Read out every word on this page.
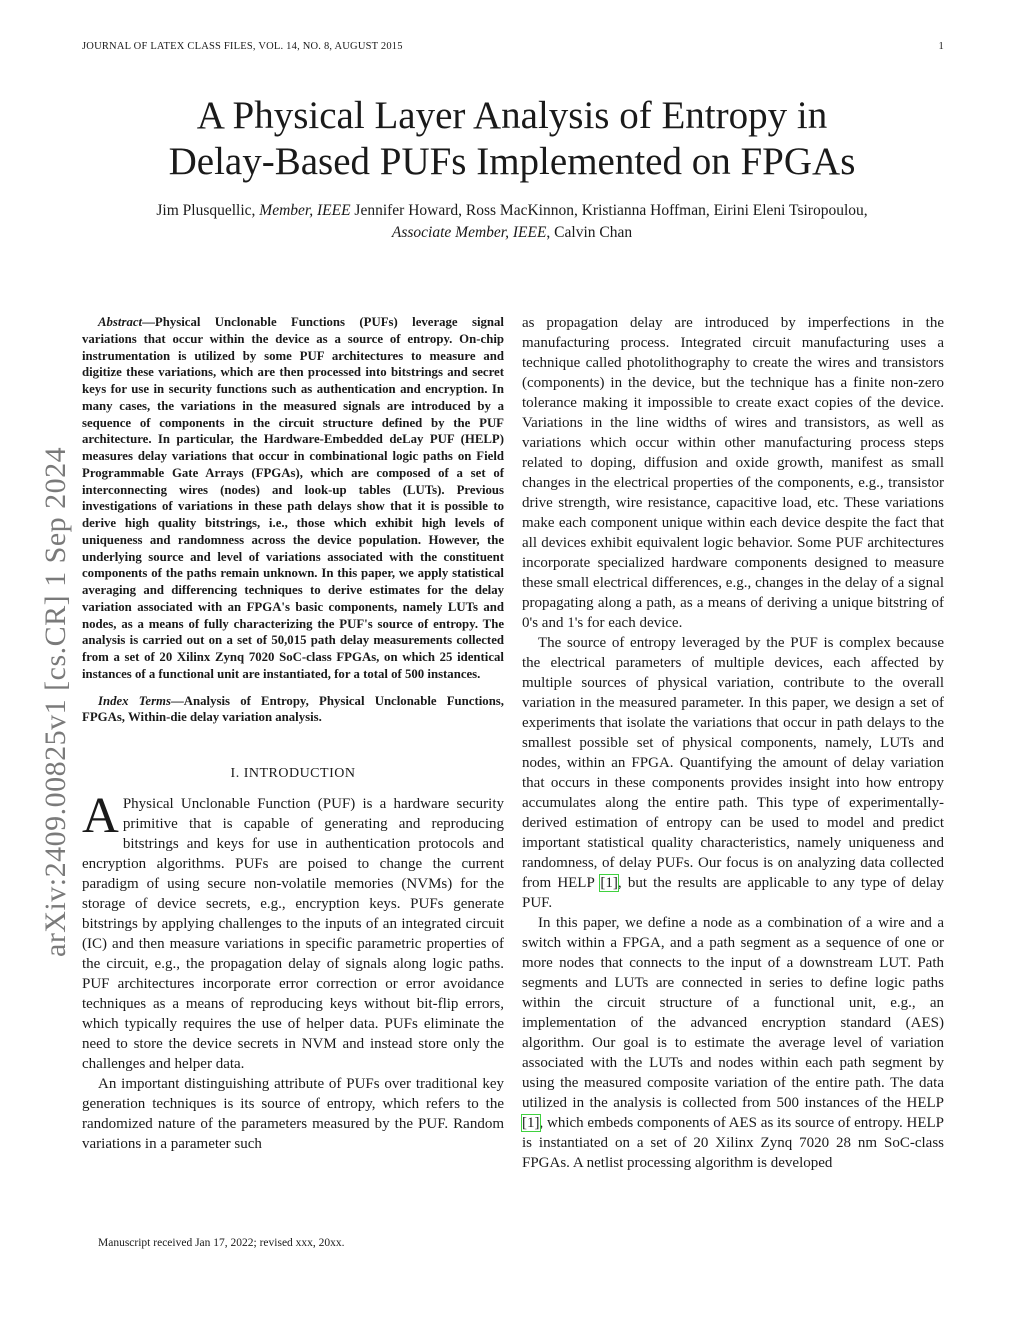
JOURNAL OF LATEX CLASS FILES, VOL. 14, NO. 8, AUGUST 2015	1
arXiv:2409.00825v1 [cs.CR] 1 Sep 2024
A Physical Layer Analysis of Entropy in
Delay-Based PUFs Implemented on FPGAs
Jim Plusquellic, Member, IEEE Jennifer Howard, Ross MacKinnon, Kristianna Hoffman, Eirini Eleni Tsiropoulou,
Associate Member, IEEE, Calvin Chan

Abstract—Physical Unclonable Functions (PUFs) leverage signal variations that occur within the device as a source of entropy. On-chip instrumentation is utilized by some PUF architectures to measure and digitize these variations, which are then processed into bitstrings and secret keys for use in security functions such as authentication and encryption. In many cases, the variations in the measured signals are introduced by a sequence of components in the circuit structure defined by the PUF architecture. In particular, the Hardware-Embedded deLay PUF (HELP) measures delay variations that occur in combinational logic paths on Field Programmable Gate Arrays (FPGAs), which are composed of a set of interconnecting wires (nodes) and look-up tables (LUTs). Previous investigations of variations in these path delays show that it is possible to derive high quality bitstrings, i.e., those which exhibit high levels of uniqueness and randomness across the device population. However, the underlying source and level of variations associated with the constituent components of the paths remain unknown. In this paper, we apply statistical averaging and differencing techniques to derive estimates for the delay variation associated with an FPGA's basic components, namely LUTs and nodes, as a means of fully characterizing the PUF's source of entropy. The analysis is carried out on a set of 50,015 path delay measurements collected from a set of 20 Xilinx Zynq 7020 SoC-class FPGAs, on which 25 identical instances of a functional unit are instantiated, for a total of 500 instances.

Index Terms—Analysis of Entropy, Physical Unclonable Functions, FPGAs, Within-die delay variation analysis.

I. INTRODUCTION

A Physical Unclonable Function (PUF) is a hardware security primitive that is capable of generating and reproducing bitstrings and keys for use in authentication protocols and encryption algorithms. PUFs are poised to change the current paradigm of using secure non-volatile memories (NVMs) for the storage of device secrets, e.g., encryption keys. PUFs generate bitstrings by applying challenges to the inputs of an integrated circuit (IC) and then measure variations in specific parametric properties of the circuit, e.g., the propagation delay of signals along logic paths. PUF architectures incorporate error correction or error avoidance techniques as a means of reproducing keys without bit-flip errors, which typically requires the use of helper data. PUFs eliminate the need to store the device secrets in NVM and instead store only the challenges and helper data.

An important distinguishing attribute of PUFs over traditional key generation techniques is its source of entropy, which refers to the randomized nature of the parameters measured by the PUF. Random variations in a parameter such

as propagation delay are introduced by imperfections in the manufacturing process. Integrated circuit manufacturing uses a technique called photolithography to create the wires and transistors (components) in the device, but the technique has a finite non-zero tolerance making it impossible to create exact copies of the device. Variations in the line widths of wires and transistors, as well as variations which occur within other manufacturing process steps related to doping, diffusion and oxide growth, manifest as small changes in the electrical properties of the components, e.g., transistor drive strength, wire resistance, capacitive load, etc. These variations make each component unique within each device despite the fact that all devices exhibit equivalent logic behavior. Some PUF architectures incorporate specialized hardware components designed to measure these small electrical differences, e.g., changes in the delay of a signal propagating along a path, as a means of deriving a unique bitstring of 0's and 1's for each device.

The source of entropy leveraged by the PUF is complex because the electrical parameters of multiple devices, each affected by multiple sources of physical variation, contribute to the overall variation in the measured parameter. In this paper, we design a set of experiments that isolate the variations that occur in path delays to the smallest possible set of physical components, namely, LUTs and nodes, within an FPGA. Quantifying the amount of delay variation that occurs in these components provides insight into how entropy accumulates along the entire path. This type of experimentally-derived estimation of entropy can be used to model and predict important statistical quality characteristics, namely uniqueness and randomness, of delay PUFs. Our focus is on analyzing data collected from HELP [1], but the results are applicable to any type of delay PUF.

In this paper, we define a node as a combination of a wire and a switch within a FPGA, and a path segment as a sequence of one or more nodes that connects to the input of a downstream LUT. Path segments and LUTs are connected in series to define logic paths within the circuit structure of a functional unit, e.g., an implementation of the advanced encryption standard (AES) algorithm. Our goal is to estimate the average level of variation associated with the LUTs and nodes within each path segment by using the measured composite variation of the entire path. The data utilized in the analysis is collected from 500 instances of the HELP [1], which embeds components of AES as its source of entropy. HELP is instantiated on a set of 20 Xilinx Zynq 7020 28 nm SoC-class FPGAs. A netlist processing algorithm is developed

Manuscript received Jan 17, 2022; revised xxx, 20xx.
